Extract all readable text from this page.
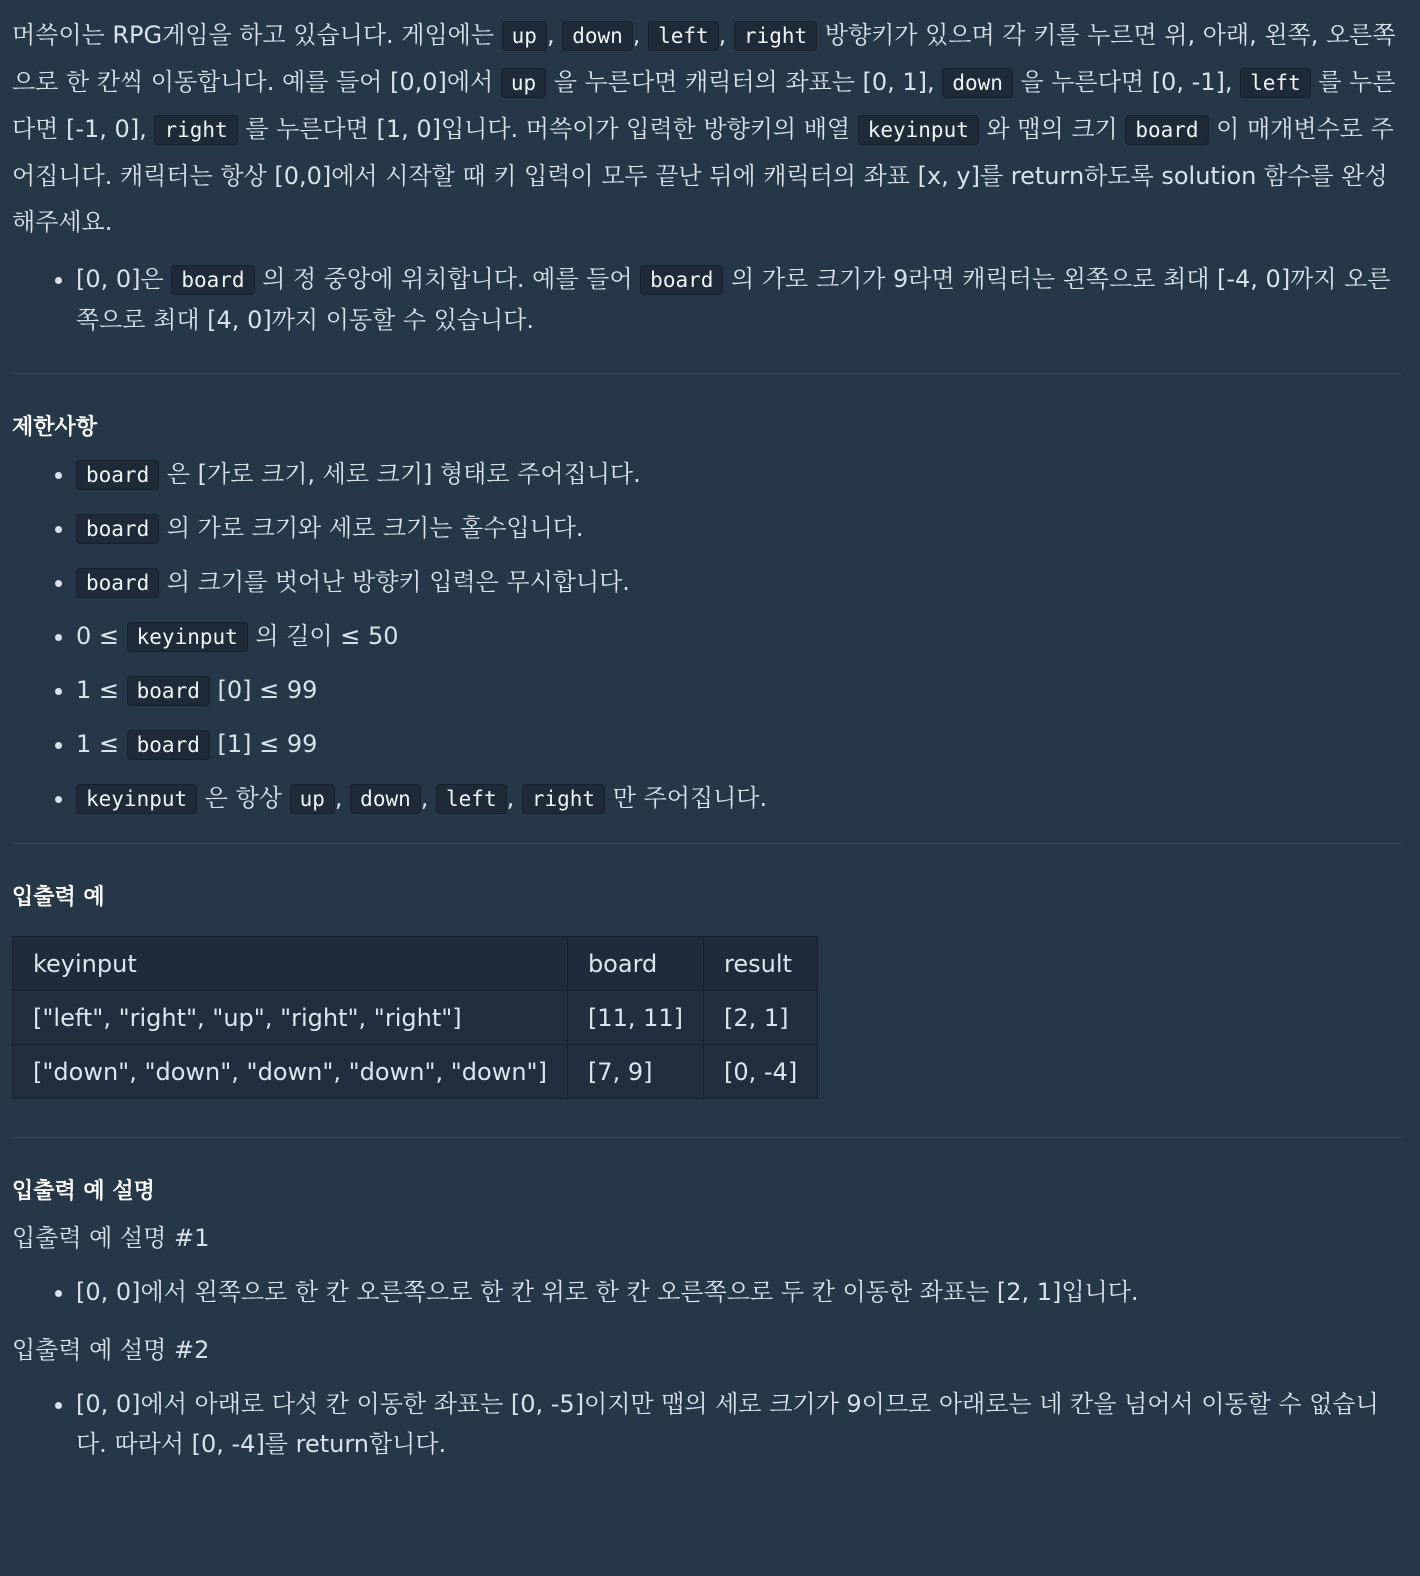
머쓱이는 RPG게임을 하고 있습니다. 게임에는 up , down , left , right 방향키가 있으며 각 키를 누르면 위, 아래, 왼쪽, 오른쪽으로 한 칸씩 이동합니다. 예를 들어 [0,0]에서 up 을 누른다면 캐릭터의 좌표는 [0, 1], down 을 누른다면 [0, -1], left 를 누른다면 [-1, 0], right 를 누른다면 [1, 0]입니다. 머쓱이가 입력한 방향키의 배열 keyinput 와 맵의 크기 board 이 매개변수로 주어집니다. 캐릭터는 항상 [0,0]에서 시작할 때 키 입력이 모두 끝난 뒤에 캐릭터의 좌표 [x, y]를 return하도록 solution 함수를 완성해주세요.

• [0, 0]은 board 의 정 중앙에 위치합니다. 예를 들어 board 의 가로 크기가 9라면 캐릭터는 왼쪽으로 최대 [-4, 0]까지 오른쪽으로 최대 [4, 0]까지 이동할 수 있습니다.
제한사항
• board 은 [가로 크기, 세로 크기] 형태로 주어집니다.
• board 의 가로 크기와 세로 크기는 홀수입니다.
• board 의 크기를 벗어난 방향키 입력은 무시합니다.
• 0 ≤ keyinput 의 길이 ≤ 50
• 1 ≤ board [0] ≤ 99
• 1 ≤ board [1] ≤ 99
• keyinput 은 항상 up , down , left , right 만 주어집니다.
입출력 예
keyinput	board	result
["left", "right", "up", "right", "right"]	[11, 11]	[2, 1]
["down", "down", "down", "down", "down"]	[7, 9]	[0, -4]
입출력 예 설명

입출력 예 설명 #1

• [0, 0]에서 왼쪽으로 한 칸 오른쪽으로 한 칸 위로 한 칸 오른쪽으로 두 칸 이동한 좌표는 [2, 1]입니다.

입출력 예 설명 #2

• [0, 0]에서 아래로 다섯 칸 이동한 좌표는 [0, -5]이지만 맵의 세로 크기가 9이므로 아래로는 네 칸을 넘어서 이동할 수 없습니다. 따라서 [0, -4]를 return합니다.
